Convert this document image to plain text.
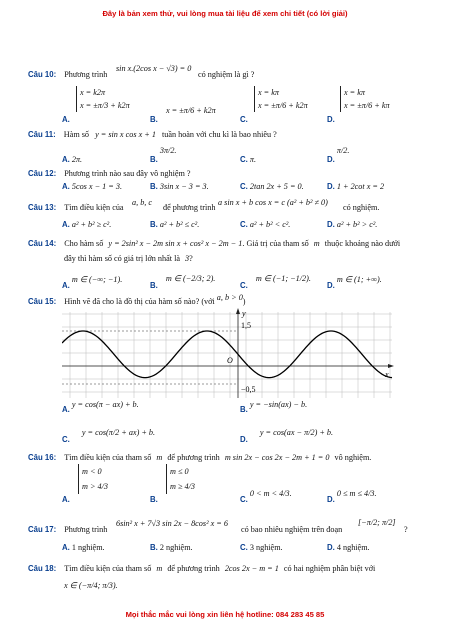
Đây là bản xem thử, vui lòng mua tài liệu để xem chi tiết (có lời giải)
Câu 10: Phương trình
sin x.(2cos x − √3) = 0
có nghiệm là gì ?
x = k2π
x = ±π/3 + k2π
A.	B.
x = ±π/6 + k2π
x = kπ
x = ±π/6 + k2π
C.
x = kπ
x = ±π/6 + kπ
D.
Câu 11: Hàm số y = sin x cos x + 1 tuần hoàn với chu kì là bao nhiêu ?
A. 2π.	B. 3π/2.
C. π.	D. π/2.
Câu 12: Phương trình nào sau đây vô nghiệm ?
A. 5cos x − 1 = 3.	B. 3sin x − 3 = 3.	C. 2tan 2x + 5 = 0.	D. 1 + 2cot x = 2
Câu 13: Tìm điều kiện của
a, b, c
để phương trình
a sin x + b cos x = c (a² + b² ≠ 0)
có nghiệm.
A. a² + b² ≥ c².	B. a² + b² ≤ c².	C. a² + b² < c².	D. a² + b² > c².
Câu 14: Cho hàm số y = 2sin² x − 2m sin x + cos² x − 2m − 1. Giá trị của tham số m thuộc khoảng nào dưới
đây thì hàm số có giá trị lớn nhất là 3?
A. m ∈ (−∞; −1).
B. m ∈ (−2/3; 2).
C. m ∈ (−1; −1/2).
D. m ∈ (1; +∞).
Câu 15: Hình vẽ đã cho là đồ thị của hàm số nào? (với a, b > 0)
y
x
O
1,5
−0,5
A. y = cos(π − ax) + b.
B. y = −sin(ax) − b.
C. y = cos(π/2 + ax) + b.
D. y = cos(ax − π/2) + b.
Câu 16: Tìm điều kiện của tham số m để phương trình m sin 2x − cos 2x − 2m + 1 = 0 vô nghiệm.
A.
m < 0
m > 4/3
B.
m ≤ 0
m ≥ 4/3
C. 0 < m < 4/3.
D. 0 ≤ m ≤ 4/3.
Câu 17: Phương trình
6sin² x + 7√3 sin 2x − 8cos² x = 6
có bao nhiêu nghiệm trên đoạn
[−π/2; π/2]
?
A. 1 nghiệm.	B. 2 nghiệm.	C. 3 nghiệm.	D. 4 nghiệm.
Câu 18: Tìm điều kiện của tham số m để phương trình 2cos 2x − m = 1 có hai nghiệm phân biệt với
x ∈ (−π/4; π/3).
Mọi thắc mắc vui lòng xin liên hệ hotline: 084 283 45 85
